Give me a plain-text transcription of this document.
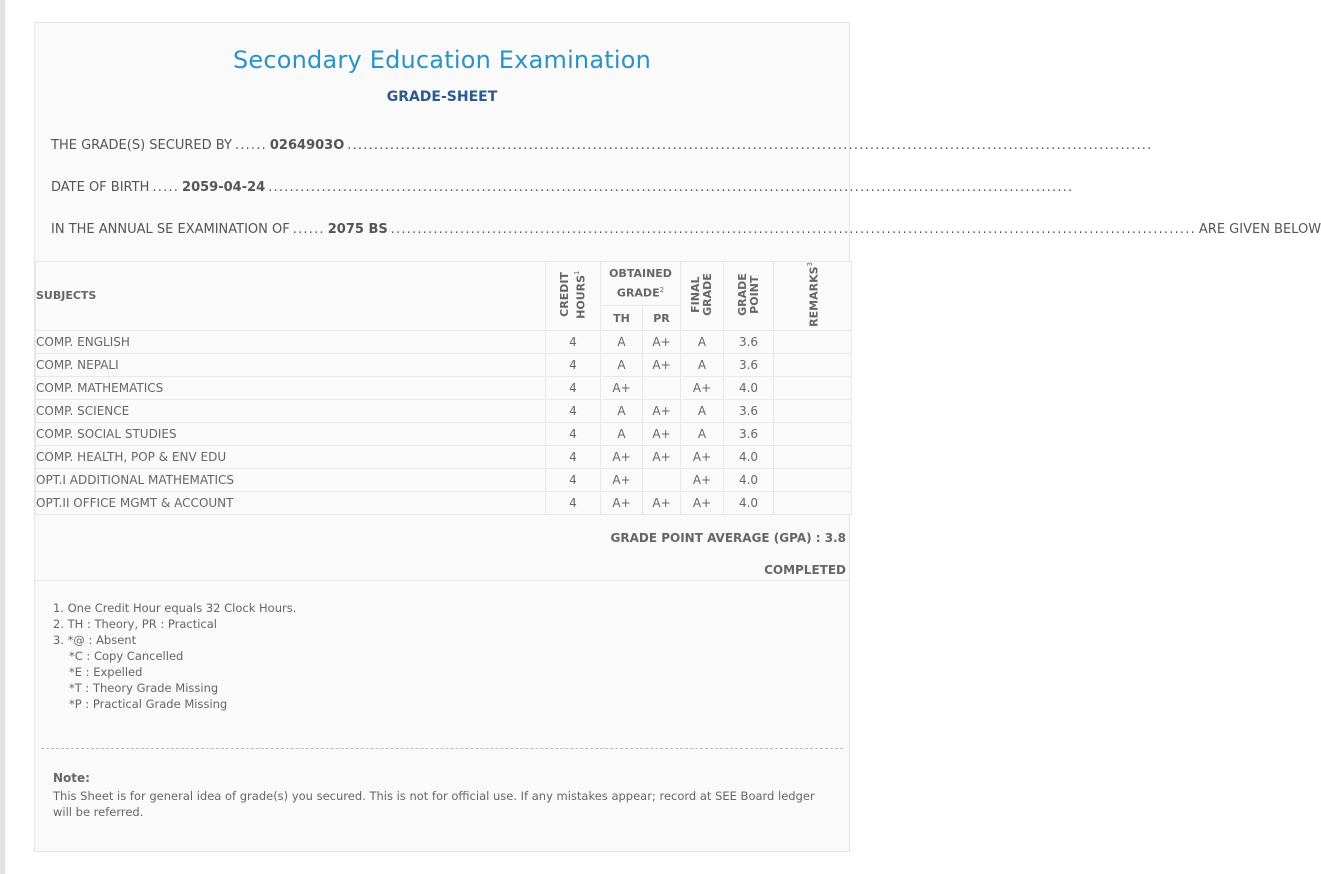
Secondary Education Examination
GRADE-SHEET
THE GRADE(S) SECURED BY ...... 0264903O .......................................................................................................................................................
DATE OF BIRTH ..... 2059-04-24 .......................................................................................................................................................
IN THE ANNUAL SE EXAMINATION OF ...... 2075 BS ....................................................................................................................................................... ARE GIVEN BELOW
SUBJECTS	CREDIT HOURS$^1$	OBTAINED GRADE$^2$		FINAL GRADE	GRADE POINT	REMARKS$^3$
		TH	PR			
COMP. ENGLISH	4	A	A+	A	3.6	
COMP. NEPALI	4	A	A+	A	3.6	
COMP. MATHEMATICS	4	A+		A+	4.0	
COMP. SCIENCE	4	A	A+	A	3.6	
COMP. SOCIAL STUDIES	4	A	A+	A	3.6	
COMP. HEALTH, POP & ENV EDU	4	A+	A+	A+	4.0	
OPT.I ADDITIONAL MATHEMATICS	4	A+		A+	4.0	
OPT.II OFFICE MGMT & ACCOUNT	4	A+	A+	A+	4.0	
GRADE POINT AVERAGE (GPA) : 3.8
COMPLETED
1. One Credit Hour equals 32 Clock Hours.
2. TH : Theory, PR : Practical
3. *@ : Absent
*C : Copy Cancelled
*E : Expelled
*T : Theory Grade Missing
*P : Practical Grade Missing
Note:
This Sheet is for general idea of grade(s) you secured. This is not for official use. If any mistakes appear; record at SEE Board ledger will be referred.
